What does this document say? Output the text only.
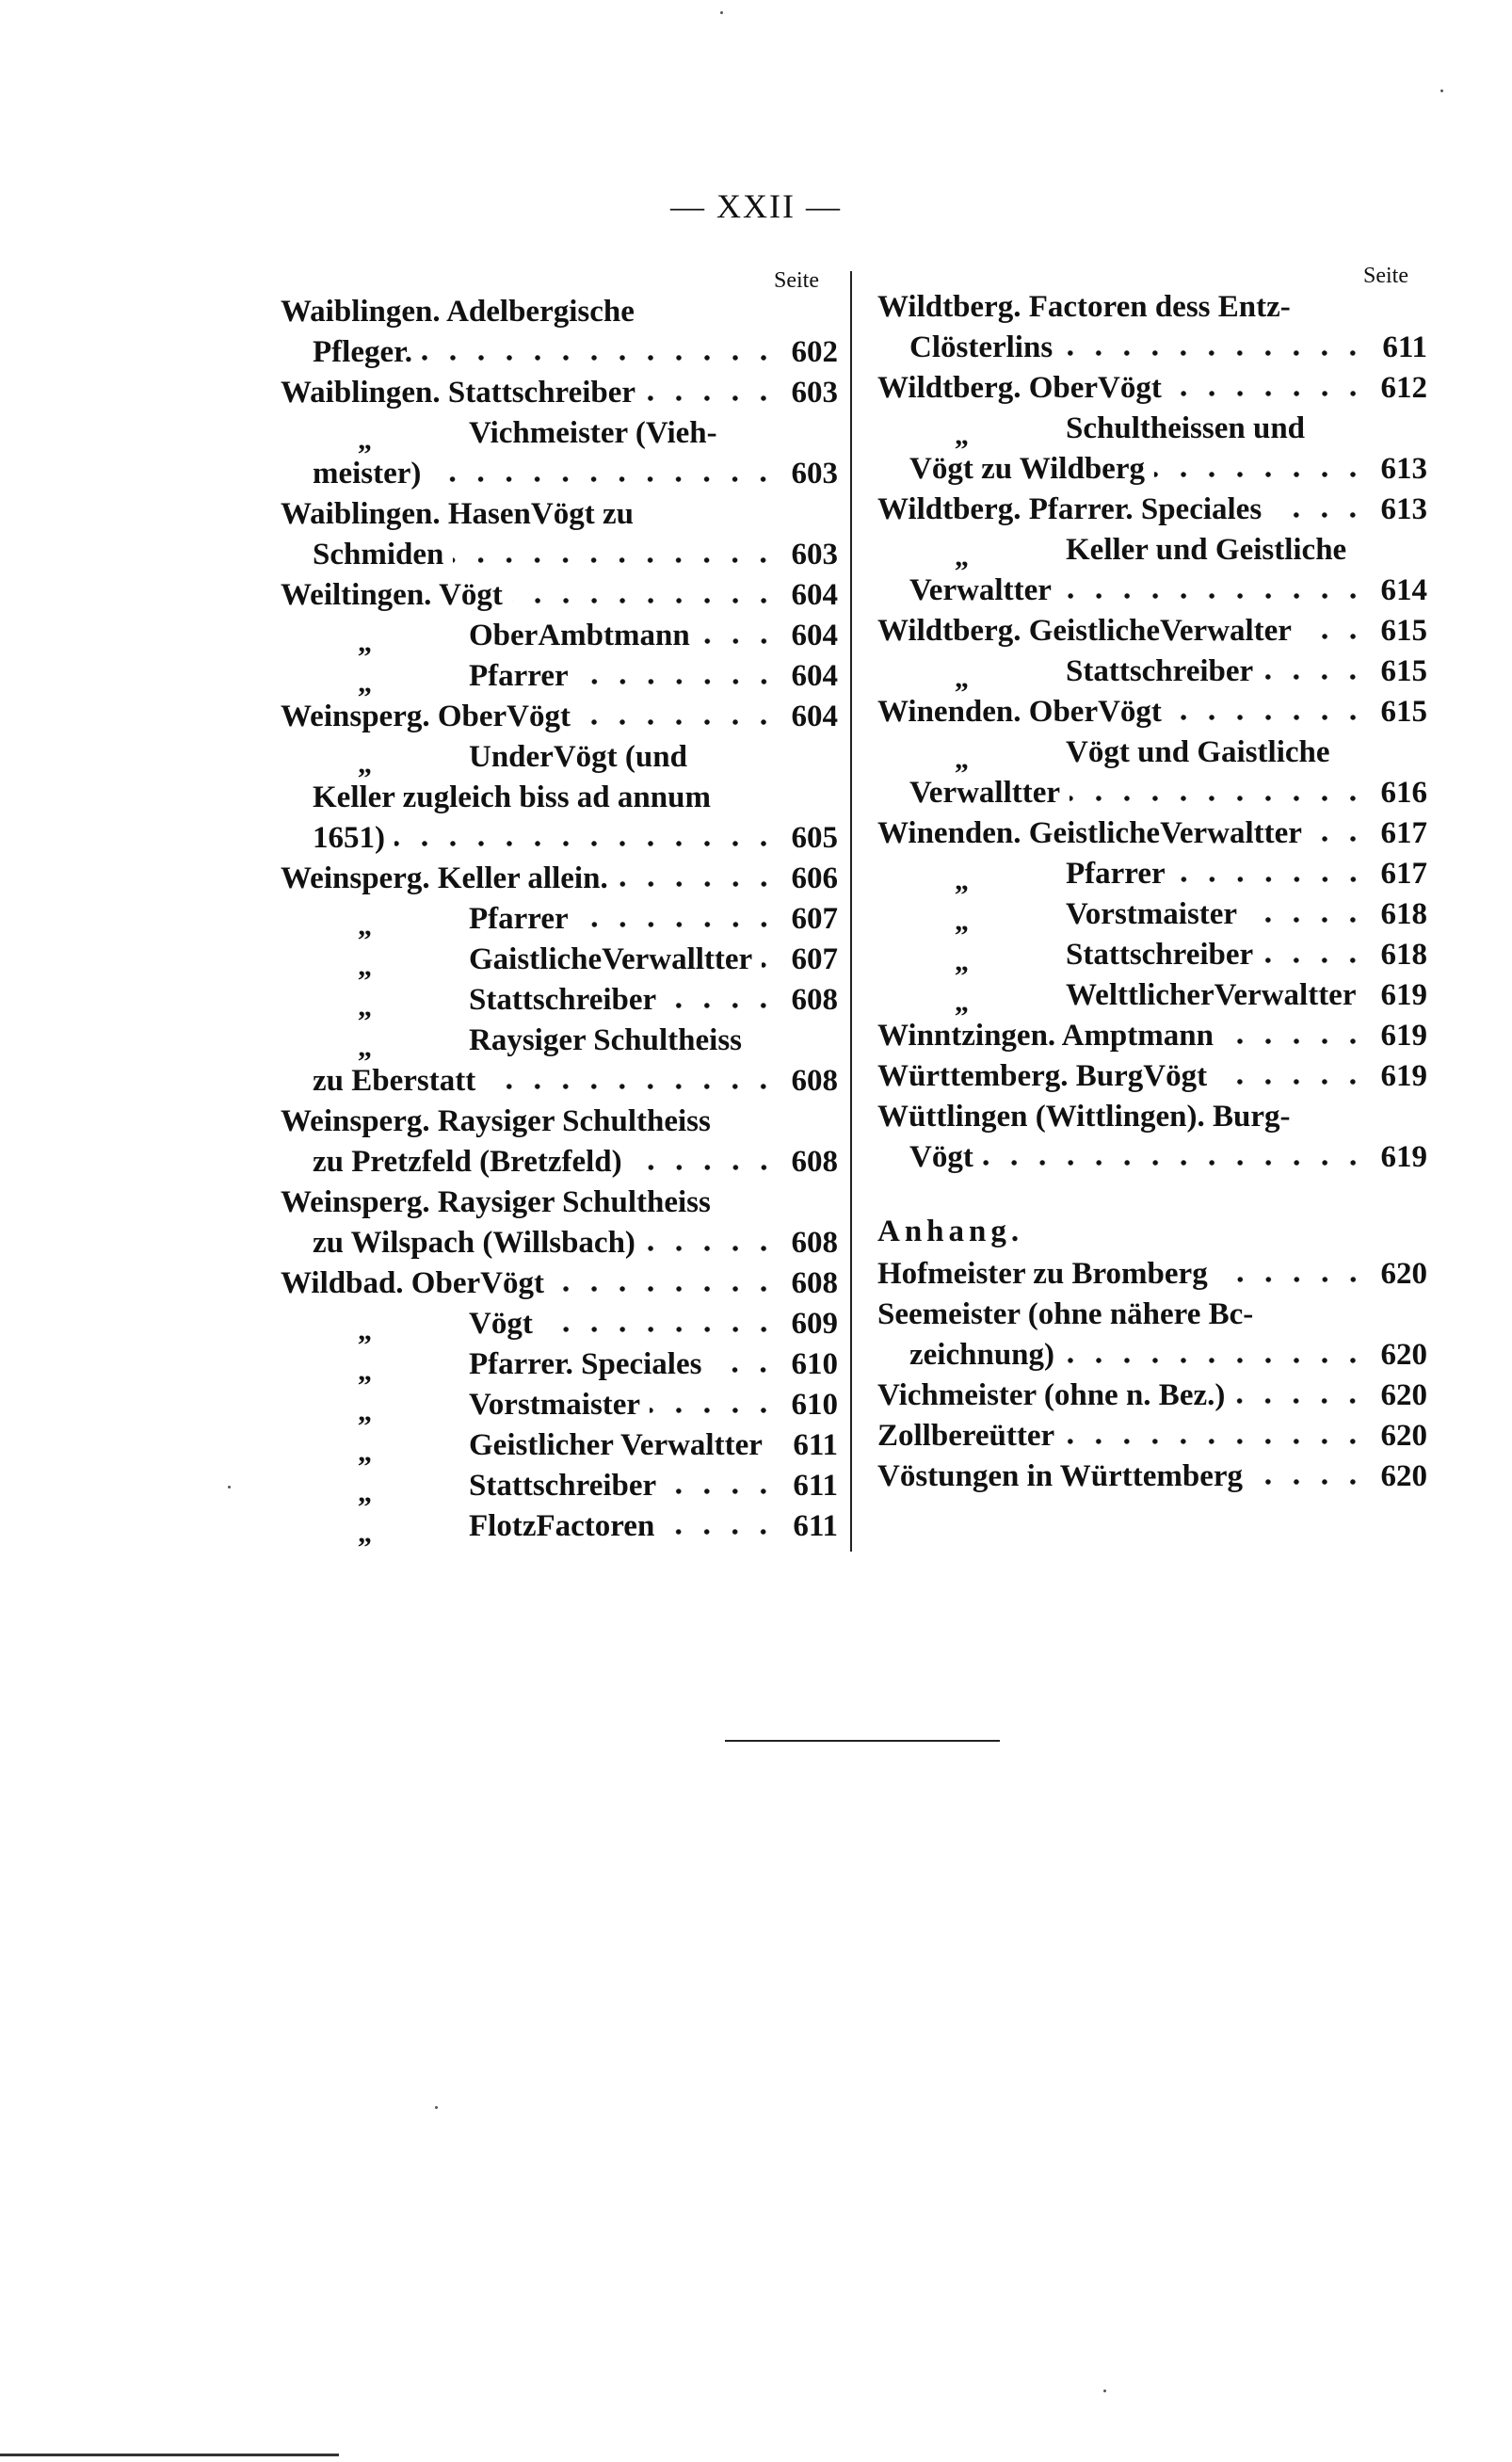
— XXII —
Seite	Seite
Waiblingen. Adelbergische
Pfleger.	602
Waiblingen. Stattschreiber	603
„	Vichmeister (Vieh-
meister)	603
Waiblingen. HasenVögt zu
Schmiden	603
Weiltingen. Vögt	604
„	OberAmbtmann	604
„	Pfarrer	604
Weinsperg. OberVögt	604
„	UnderVögt (und
Keller zugleich biss ad annum
1651)	605
Weinsperg. Keller allein.	606
„	Pfarrer	607
„	GaistlicheVerwalltter 607
„	Stattschreiber	608
„	Raysiger Schultheiss
zu Eberstatt	608
Weinsperg. Raysiger Schultheiss
zu Pretzfeld (Bretzfeld)	608
Weinsperg. Raysiger Schultheiss
zu Wilspach (Willsbach)	608
Wildbad. OberVögt	608
„	Vögt	609
„	Pfarrer. Speciales	610
„	Vorstmaister	610
„	Geistlicher Verwaltter 611
„	Stattschreiber	611
„	FlotzFactoren	611
Wildtberg. Factoren dess Entz-
Clösterlins	611
Wildtberg. OberVögt	612
„	Schultheissen und
Vögt zu Wildberg	613
Wildtberg. Pfarrer. Speciales	613
„	Keller und Geistliche
Verwaltter	614
Wildtberg. GeistlicheVerwalter	615
„	Stattschreiber	615
Winenden. OberVögt	615
„	Vögt und Gaistliche
Verwalltter	616
Winenden. GeistlicheVerwaltter	617
„	Pfarrer	617
„	Vorstmaister	618
„	Stattschreiber	618
„	WelttlicherVerwaltter 619
Winntzingen. Amptmann	619
Württemberg. BurgVögt	619
Wüttlingen (Wittlingen). Burg-
Vögt	619
Anhang.
Hofmeister zu Bromberg	620
Seemeister (ohne nähere Bc-
zeichnung)	620
Vichmeister (ohne n. Bez.)	620
Zollbereütter	620
Vöstungen in Württemberg	620
